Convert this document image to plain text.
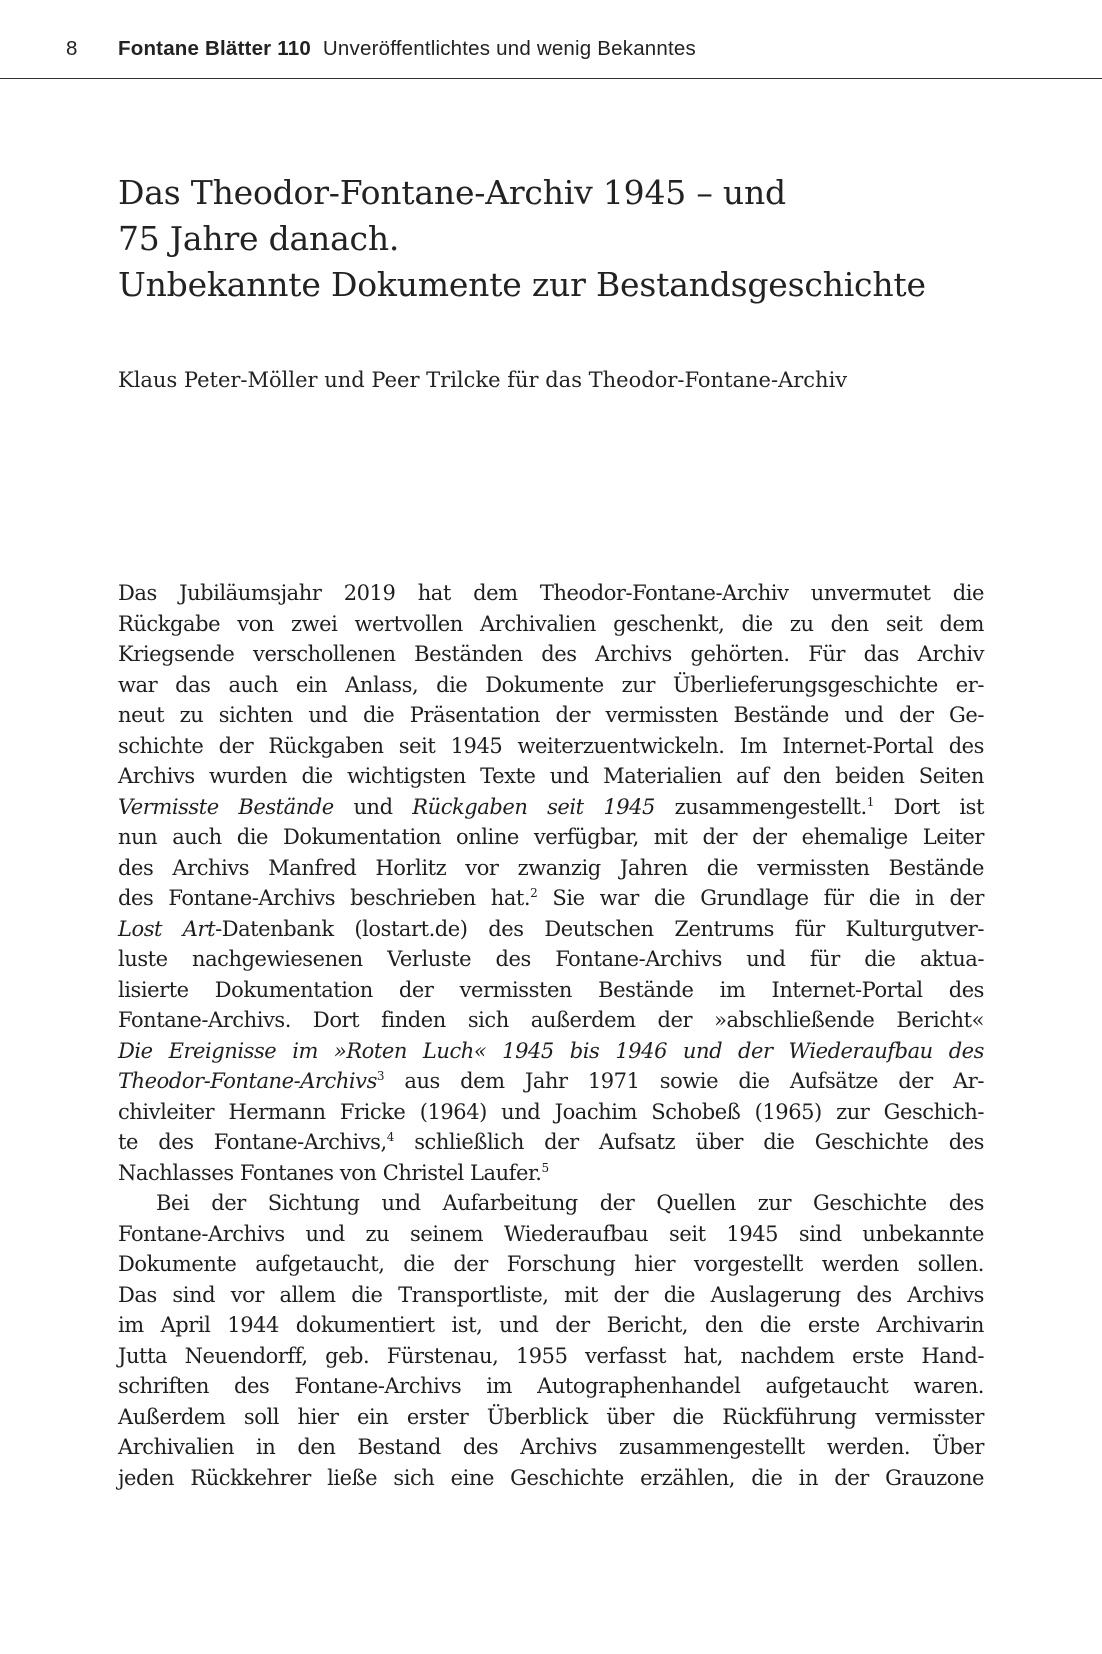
8 Fontane Blätter 110 Unveröffentlichtes und wenig Bekanntes
Das Theodor-Fontane-Archiv 1945 – und
75 Jahre danach.
Unbekannte Dokumente zur Bestandsgeschichte

Klaus Peter-Möller und Peer Trilcke für das Theodor-Fontane-Archiv

Das Jubiläumsjahr 2019 hat dem Theodor-Fontane-Archiv unvermutet die
Rückgabe von zwei wertvollen Archivalien geschenkt, die zu den seit dem
Kriegsende verschollenen Beständen des Archivs gehörten. Für das Archiv
war das auch ein Anlass, die Dokumente zur Überlieferungsgeschichte er-
neut zu sichten und die Präsentation der vermissten Bestände und der Ge-
schichte der Rückgaben seit 1945 weiterzuentwickeln. Im Internet-Portal des
Archivs wurden die wichtigsten Texte und Materialien auf den beiden Seiten
Vermisste Bestände und Rückgaben seit 1945 zusammengestellt.$^1$ Dort ist
nun auch die Dokumentation online verfügbar, mit der der ehemalige Leiter
des Archivs Manfred Horlitz vor zwanzig Jahren die vermissten Bestände
des Fontane-Archivs beschrieben hat.$^2$ Sie war die Grundlage für die in der
Lost Art-Datenbank (lostart.de) des Deutschen Zentrums für Kulturgutver-
luste nachgewiesenen Verluste des Fontane-Archivs und für die aktua-
lisierte Dokumentation der vermissten Bestände im Internet-Portal des
Fontane-Archivs. Dort finden sich außerdem der »abschließende Bericht«
Die Ereignisse im »Roten Luch« 1945 bis 1946 und der Wiederaufbau des
Theodor-Fontane-Archivs$^3$ aus dem Jahr 1971 sowie die Aufsätze der Ar-
chivleiter Hermann Fricke (1964) und Joachim Schobeß (1965) zur Geschich-
te des Fontane-Archivs,$^4$ schließlich der Aufsatz über die Geschichte des
Nachlasses Fontanes von Christel Laufer.$^5$
Bei der Sichtung und Aufarbeitung der Quellen zur Geschichte des
Fontane-Archivs und zu seinem Wiederaufbau seit 1945 sind unbekannte
Dokumente aufgetaucht, die der Forschung hier vorgestellt werden sollen.
Das sind vor allem die Transportliste, mit der die Auslagerung des Archivs
im April 1944 dokumentiert ist, und der Bericht, den die erste Archivarin
Jutta Neuendorff, geb. Fürstenau, 1955 verfasst hat, nachdem erste Hand-
schriften des Fontane-Archivs im Autographenhandel aufgetaucht waren.
Außerdem soll hier ein erster Überblick über die Rückführung vermisster
Archivalien in den Bestand des Archivs zusammengestellt werden. Über
jeden Rückkehrer ließe sich eine Geschichte erzählen, die in der Grauzone
